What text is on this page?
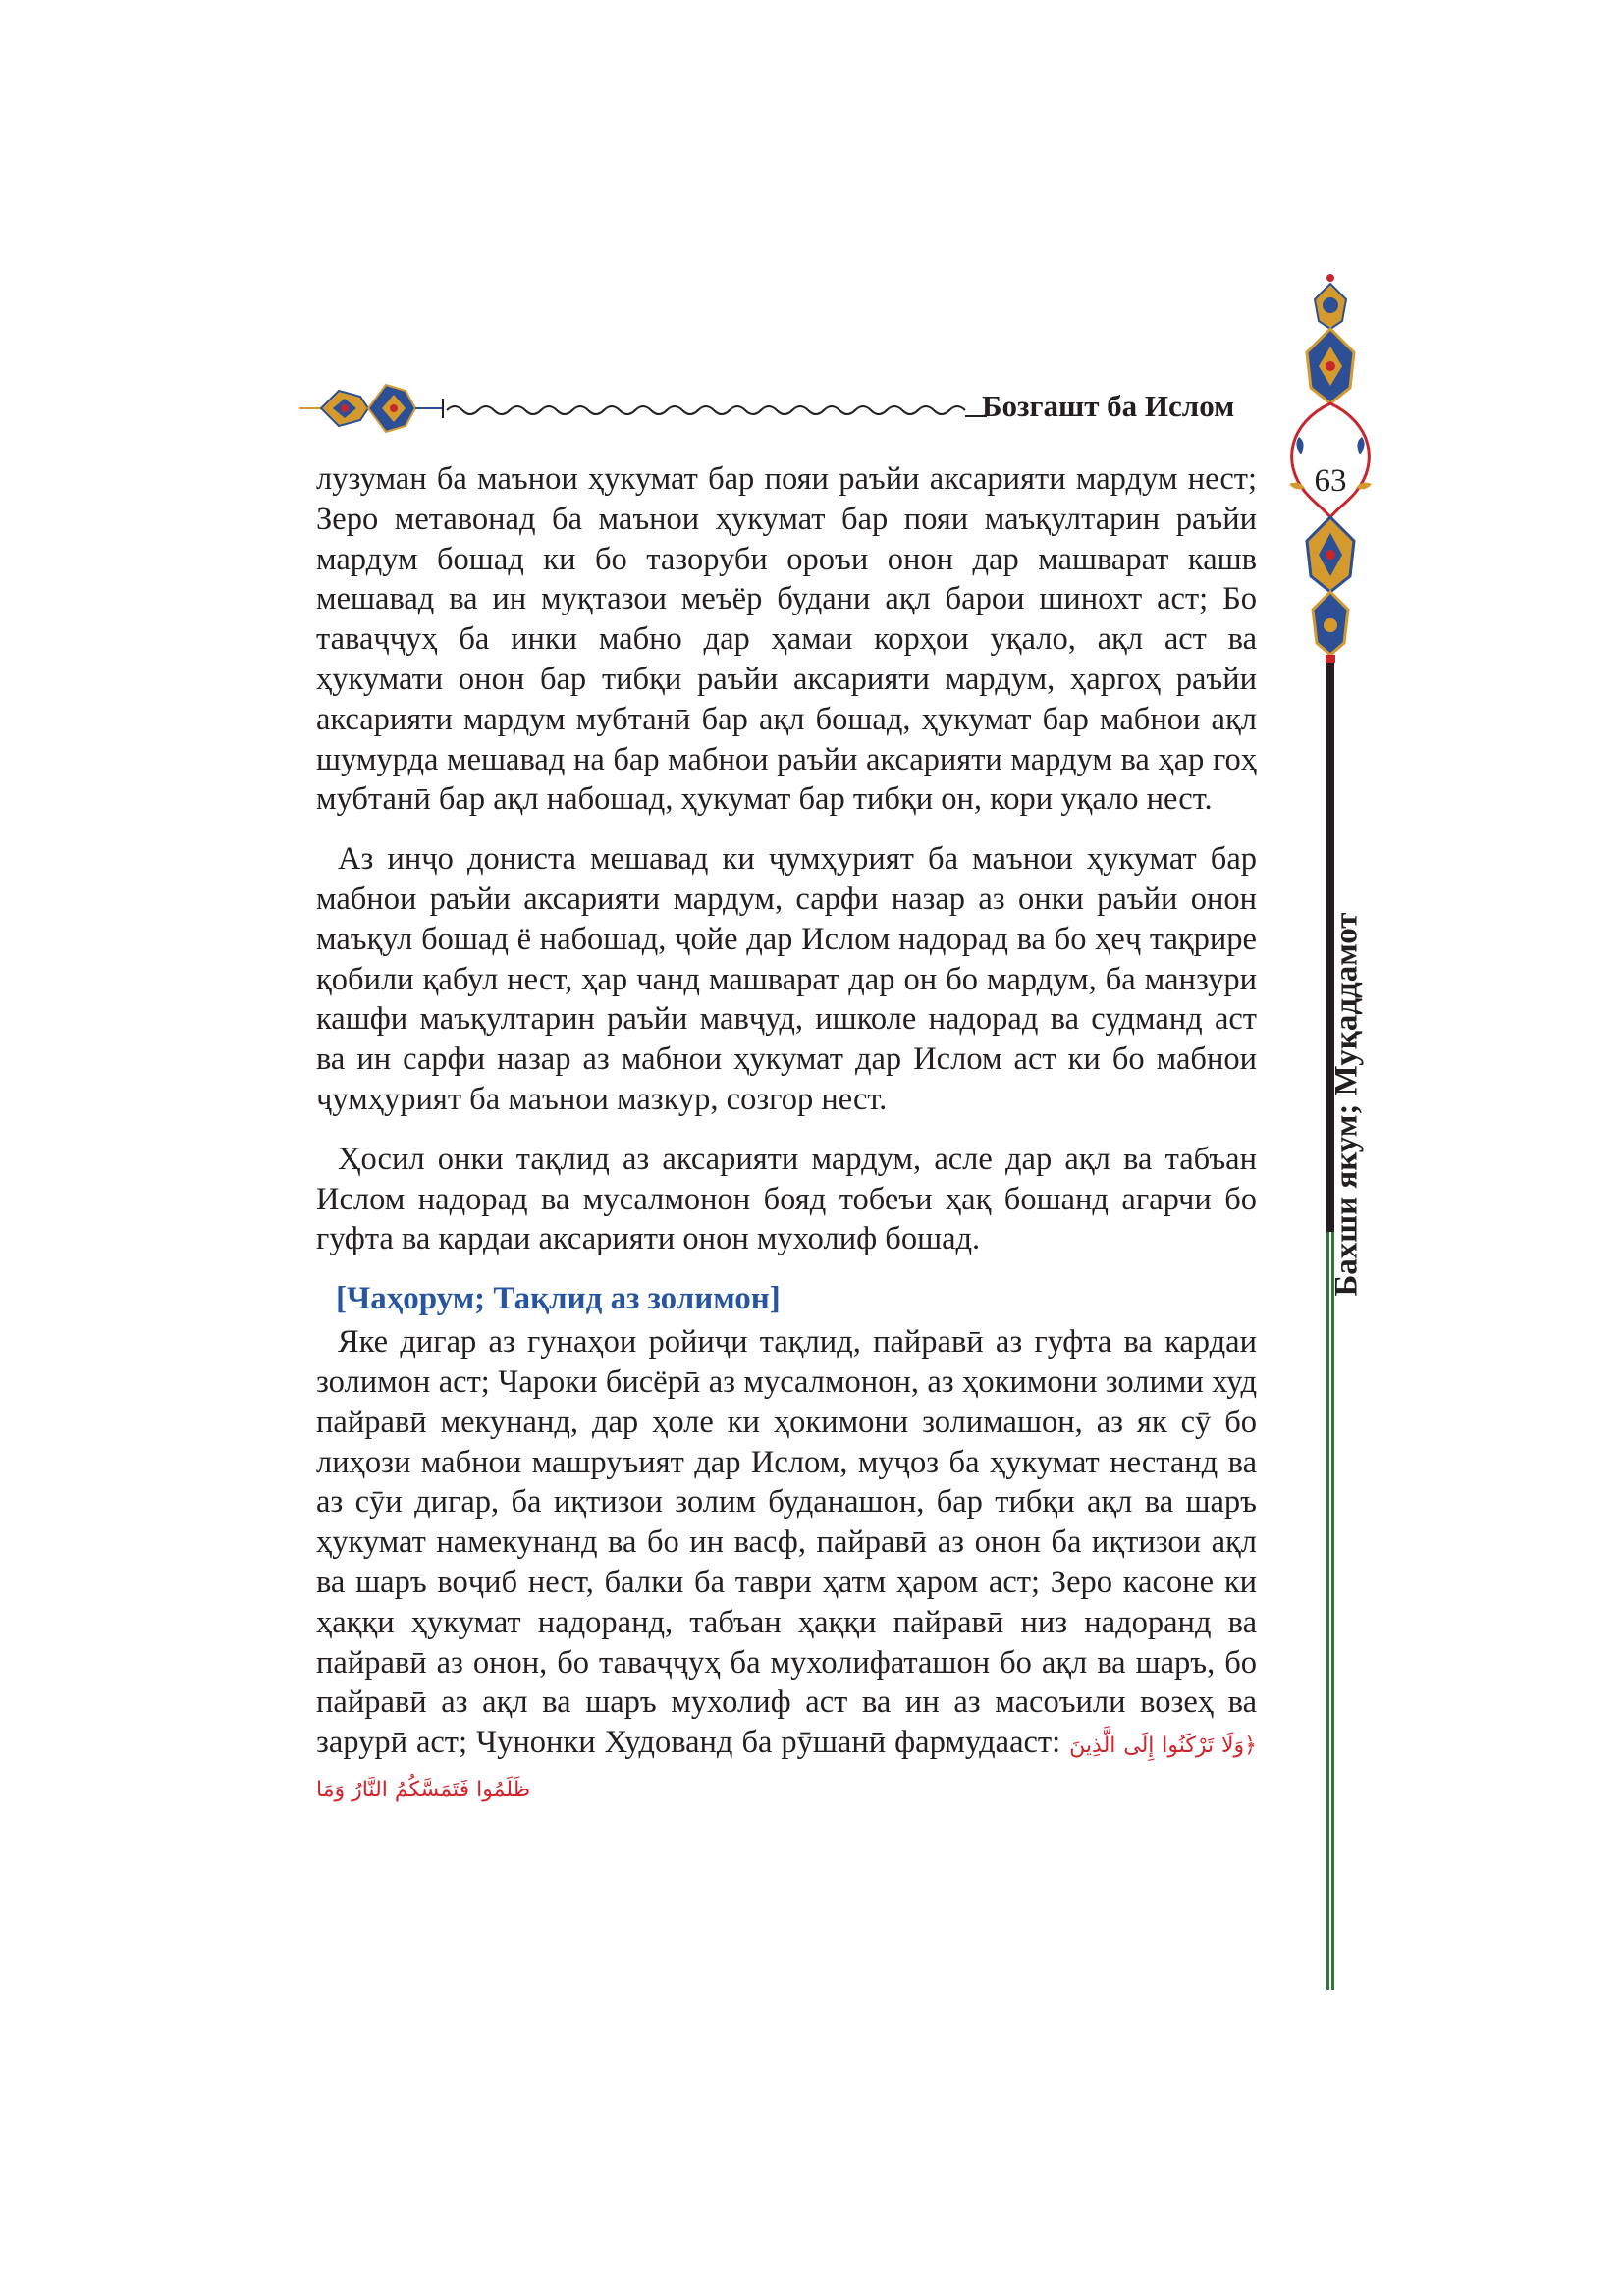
Бозгашт ба Ислом
63
Бахши якум; Муқаддамот

лузуман ба маънои ҳукумат бар пояи раъйи аксарияти мардум нест; Зеро метавонад ба маънои ҳукумат бар пояи маъқултарин раъйи мардум бошад ки бо тазоруби ороъи онон дар машварат кашв мешавад ва ин муқтазои меъёр будани ақл барои шинохт аст; Бо таваҷҷуҳ ба инки мабно дар ҳамаи корҳои уқало, ақл аст ва ҳукумати онон бар тибқи раъйи аксарияти мардум, ҳаргоҳ раъйи аксарияти мардум мубтанӣ бар ақл бошад, ҳукумат бар мабнои ақл шумурда мешавад на бар мабнои раъйи аксарияти мардум ва ҳар гоҳ мубтанӣ бар ақл набошад, ҳукумат бар тибқи он, кори уқало нест.

Аз инҷо дониста мешавад ки ҷумҳурият ба маънои ҳукумат бар мабнои раъйи аксарияти мардум, сарфи назар аз онки раъйи онон маъқул бошад ё набошад, ҷойе дар Ислом надорад ва бо ҳеҷ тақрире қобили қабул нест, ҳар чанд машварат дар он бо мардум, ба манзури кашфи маъқултарин раъйи мавҷуд, ишколе надорад ва судманд аст ва ин сарфи назар аз мабнои ҳукумат дар Ислом аст ки бо мабнои ҷумҳурият ба маънои мазкур, созгор нест.

Ҳосил онки тақлид аз аксарияти мардум, асле дар ақл ва табъан Ислом надорад ва мусалмонон бояд тобеъи ҳақ бошанд агарчи бо гуфта ва кардаи аксарияти онон мухолиф бошад.

[Чаҳорум; Тақлид аз золимон]

Яке дигар аз гунаҳои ройиҷи тақлид, пайравӣ аз гуфта ва кардаи золимон аст; Чароки бисёрӣ аз мусалмонон, аз ҳокимони золими худ пайравӣ мекунанд, дар ҳоле ки ҳокимони золимашон, аз як сӯ бо лиҳози мабнои машруъият дар Ислом, муҷоз ба ҳукумат нестанд ва аз сӯи дигар, ба иқтизои золим буданашон, бар тибқи ақл ва шаръ ҳукумат намекунанд ва бо ин васф, пайравӣ аз онон ба иқтизои ақл ва шаръ воҷиб нест, балки ба таври ҳатм ҳаром аст; Зеро касоне ки ҳаққи ҳукумат надоранд, табъан ҳаққи пайравӣ низ надоранд ва пайравӣ аз онон, бо таваҷҷуҳ ба мухолифаташон бо ақл ва шаръ, бо пайравӣ аз ақл ва шаръ мухолиф аст ва ин аз масоъили возеҳ ва зарурӣ аст; Чунонки Худованд ба рӯшанӣ фармудааст: ﴿وَلَا تَرْكَنُوا إِلَى الَّذِينَ ظَلَمُوا فَتَمَسَّكُمُ النَّارُ وَمَا
